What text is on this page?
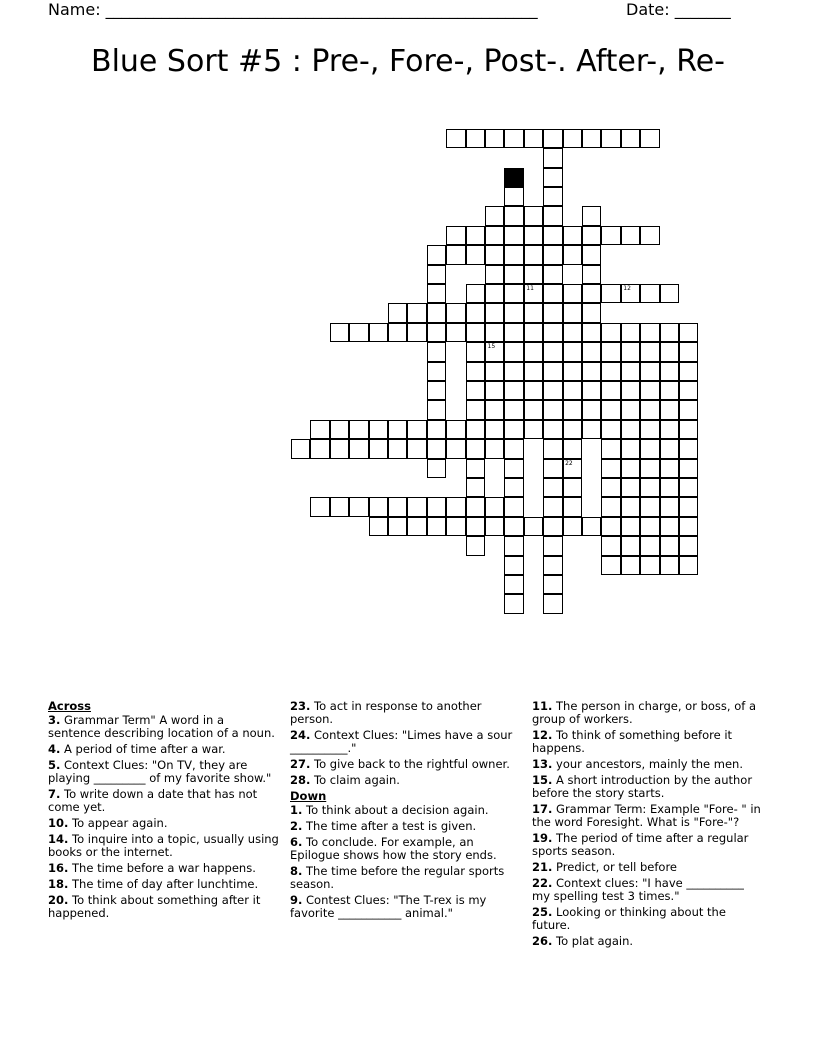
Name: ______________________________________________________	Date: _______
Blue Sort #5 : Pre-, Fore-, Post-. After-, Re-
15
11	12
22
Across
3. Grammar Term" A word in a sentence describing location of a noun.
4. A period of time after a war.
5. Context Clues: "On TV, they are playing _________ of my favorite show."
7. To write down a date that has not come yet.
10. To appear again.
14. To inquire into a topic, usually using books or the internet.
16. The time before a war happens.
18. The time of day after lunchtime.
20. To think about something after it happened.
23. To act in response to another person.
24. Context Clues: "Limes have a sour __________."
27. To give back to the rightful owner.
28. To claim again.
Down
1. To think about a decision again.
2. The time after a test is given.
6. To conclude. For example, an Epilogue shows how the story ends.
8. The time before the regular sports season.
9. Contest Clues: "The T-rex is my favorite ___________ animal."
11. The person in charge, or boss, of a group of workers.
12. To think of something before it happens.
13. your ancestors, mainly the men.
15. A short introduction by the author before the story starts.
17. Grammar Term: Example "Fore- " in the word Foresight. What is "Fore-"?
19. The period of time after a regular sports season.
21. Predict, or tell before
22. Context clues: "I have __________ my spelling test 3 times."
25. Looking or thinking about the future.
26. To plat again.
